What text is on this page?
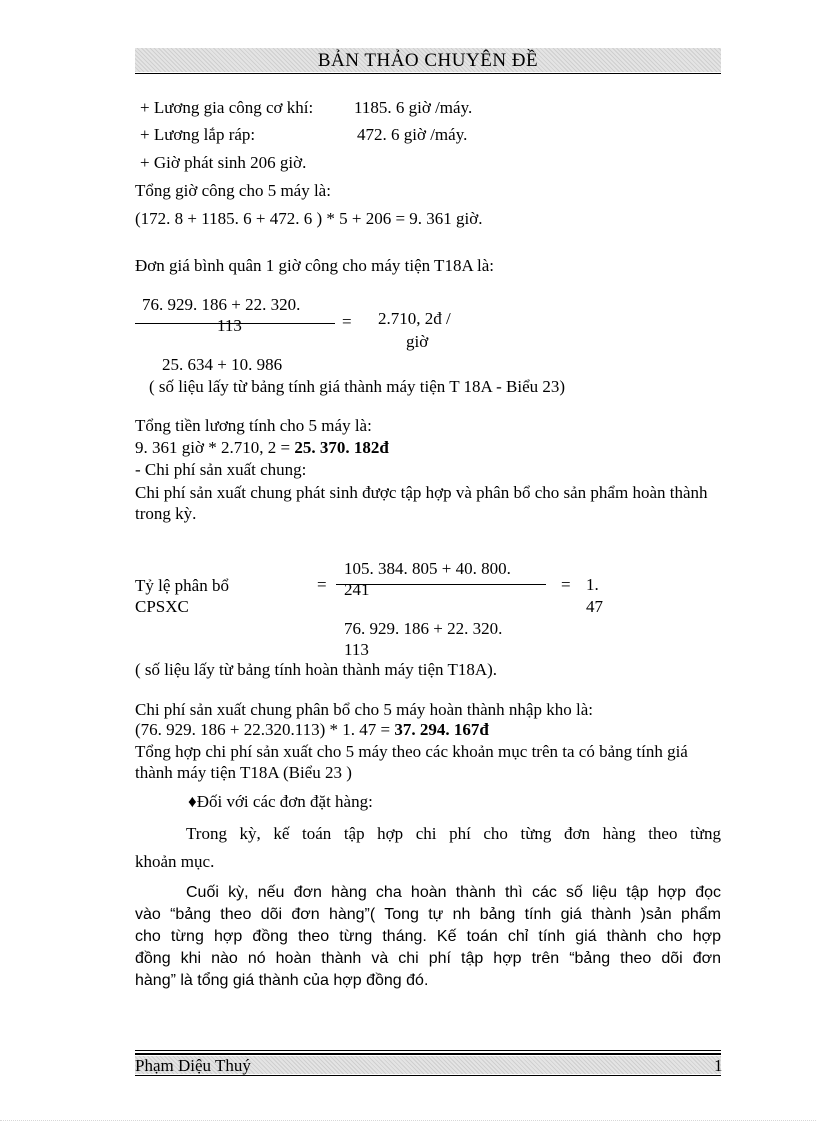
BẢN THẢO CHUYÊN ĐỀ
+ Lương gia công cơ khí: 1185. 6 giờ /máy.
+ Lương lắp ráp:	472. 6 giờ /máy.
+ Giờ phát sinh 206 giờ.
Tổng giờ công cho 5 máy là:
(172. 8 + 1185. 6 + 472. 6 ) * 5 + 206 = 9. 361 giờ.
Đơn giá bình quân 1 giờ công cho máy tiện T18A là:
76. 929. 186 + 22. 320.
113	= 2.710, 2đ /
giờ
25. 634 + 10. 986
( số liệu lấy từ bảng tính giá thành máy tiện T 18A - Biểu 23)
Tổng tiền lương tính cho 5 máy là:
9. 361 giờ * 2.710, 2 = 25. 370. 182đ
- Chi phí sản xuất chung:
Chi phí sản xuất chung phát sinh được tập hợp và phân bổ cho sản phẩm hoàn thành trong kỳ.
105. 384. 805 + 40. 800.
241
Tỷ lệ phân bổ
CPSXC
=	= 1.
47
76. 929. 186 + 22. 320.
113
( số liệu lấy từ bảng tính hoàn thành máy tiện T18A).
Chi phí sản xuất chung phân bổ cho 5 máy hoàn thành nhập kho là:
(76. 929. 186 + 22.320.113) * 1. 47 = 37. 294. 167đ
Tổng hợp chi phí sản xuất cho 5 máy theo các khoản mục trên ta có bảng tính giá thành máy tiện T18A (Biểu 23 )
♦Đối với các đơn đặt hàng:
Trong kỳ, kế toán tập hợp chi phí cho từng đơn hàng theo từng
khoản mục.
Cuối kỳ, nếu đơn hàng cha hoàn thành thì các số liệu tập hợp đọc
vào “bảng theo dõi đơn hàng”( Tong tự nh bảng tính giá thành )sản phẩm
cho từng hợp đồng theo từng tháng. Kế toán chỉ tính giá thành cho hợp
đồng khi nào nó hoàn thành và chi phí tập hợp trên “bảng theo dõi đơn
hàng” là tổng giá thành của hợp đồng đó.
Phạm Diệu Thuý	1
